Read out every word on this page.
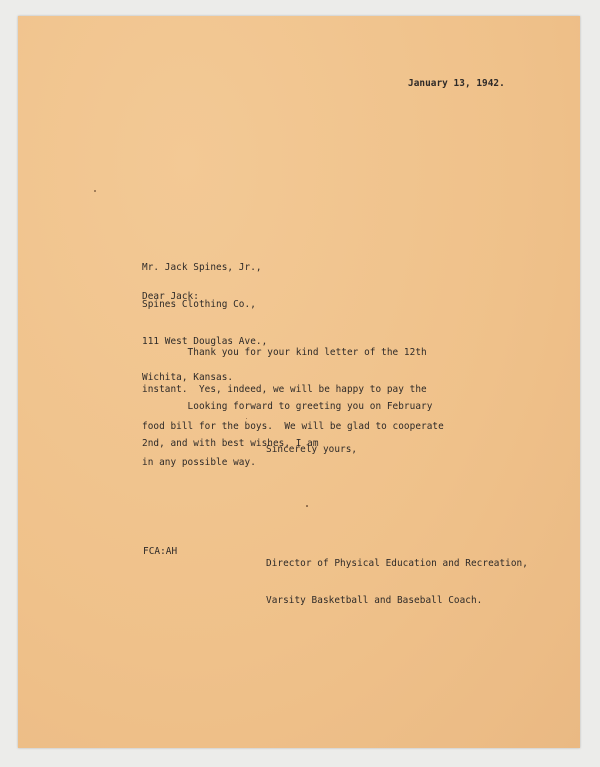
January 13, 1942.

Mr. Jack Spines, Jr.,

Spines Clothing Co.,

111 West Douglas Ave.,

Wichita, Kansas.

Dear Jack:

Thank you for your kind letter of the 12th

instant.  Yes, indeed, we will be happy to pay the

food bill for the boys.  We will be glad to cooperate

in any possible way.

Looking forward to greeting you on February

2nd, and with best wishes, I am

Sincerely yours,

Director of Physical Education and Recreation,

Varsity Basketball and Baseball Coach.

FCA:AH
